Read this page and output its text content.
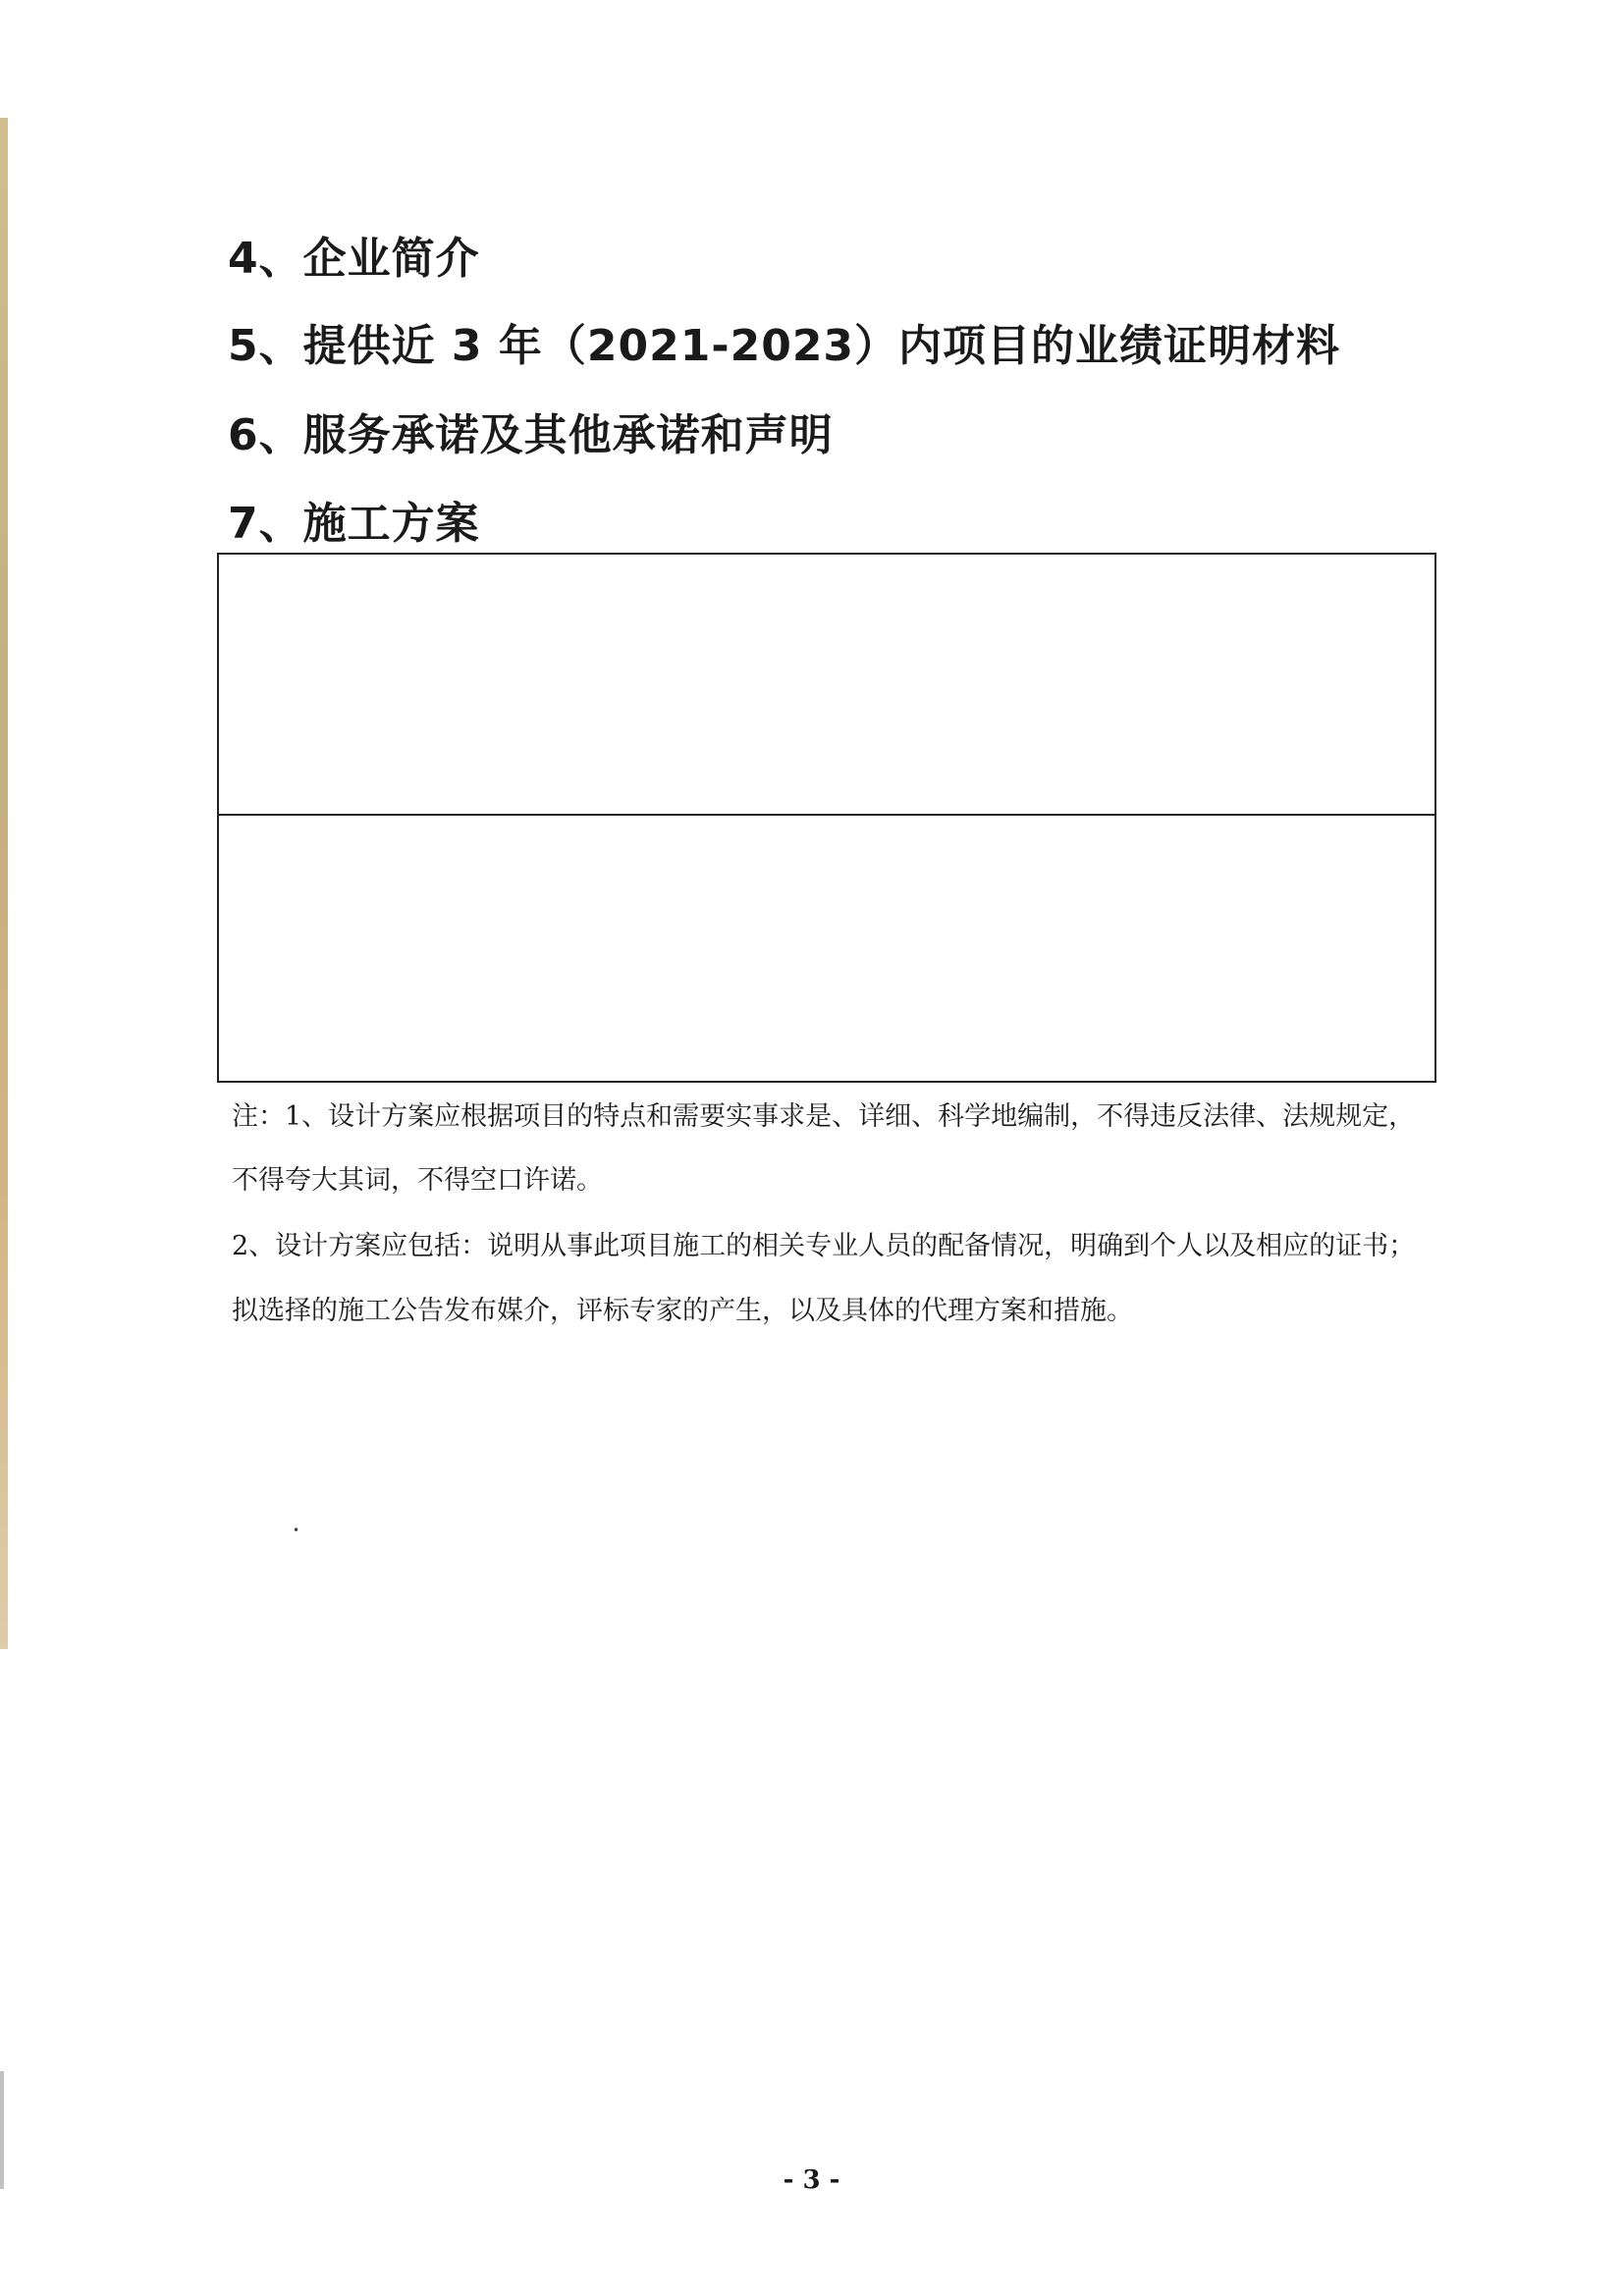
4、企业简介
5、提供近 3 年（2021-2023）内项目的业绩证明材料
6、服务承诺及其他承诺和声明
7、施工方案
注：1、设计方案应根据项目的特点和需要实事求是、详细、科学地编制，不得违反法律、法规规定，
不得夸大其词，不得空口许诺。
2、设计方案应包括：说明从事此项目施工的相关专业人员的配备情况，明确到个人以及相应的证书；
拟选择的施工公告发布媒介，评标专家的产生，以及具体的代理方案和措施。
•
- 3 -
